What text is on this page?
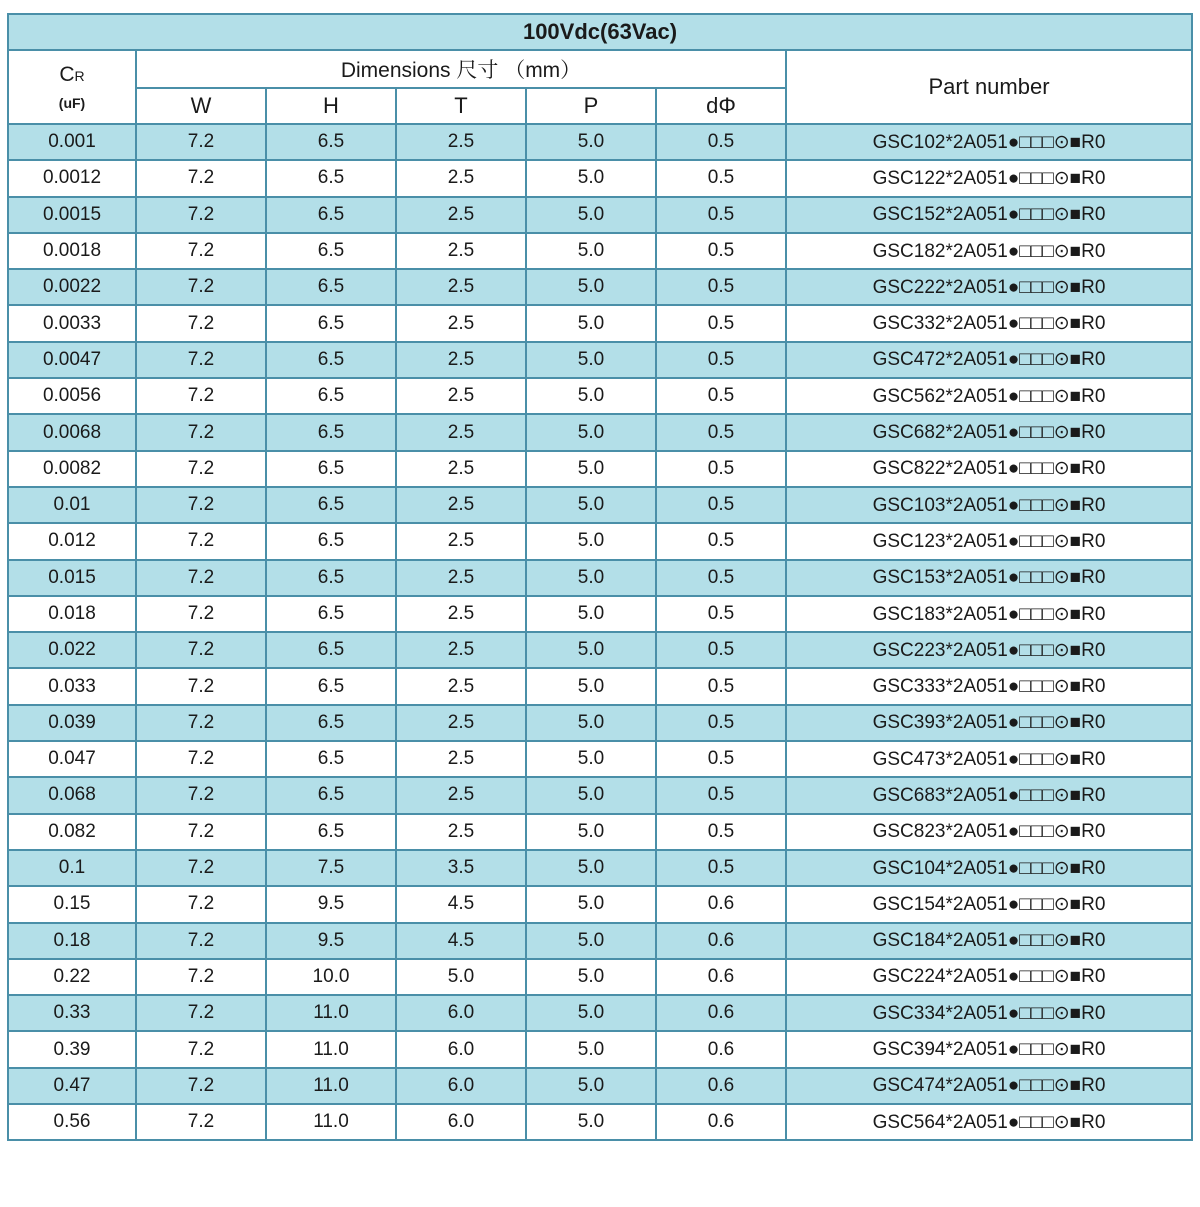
100Vdc(63Vac)						

CR
(uF)	Dimensions 尺寸 （mm）					Part number
	W	H	T	P	dΦ	
0.001	7.2	6.5	2.5	5.0	0.5	GSC102*2A051●□□□⊙■R0
0.0012	7.2	6.5	2.5	5.0	0.5	GSC122*2A051●□□□⊙■R0
0.0015	7.2	6.5	2.5	5.0	0.5	GSC152*2A051●□□□⊙■R0
0.0018	7.2	6.5	2.5	5.0	0.5	GSC182*2A051●□□□⊙■R0
0.0022	7.2	6.5	2.5	5.0	0.5	GSC222*2A051●□□□⊙■R0
0.0033	7.2	6.5	2.5	5.0	0.5	GSC332*2A051●□□□⊙■R0
0.0047	7.2	6.5	2.5	5.0	0.5	GSC472*2A051●□□□⊙■R0
0.0056	7.2	6.5	2.5	5.0	0.5	GSC562*2A051●□□□⊙■R0
0.0068	7.2	6.5	2.5	5.0	0.5	GSC682*2A051●□□□⊙■R0
0.0082	7.2	6.5	2.5	5.0	0.5	GSC822*2A051●□□□⊙■R0
0.01	7.2	6.5	2.5	5.0	0.5	GSC103*2A051●□□□⊙■R0
0.012	7.2	6.5	2.5	5.0	0.5	GSC123*2A051●□□□⊙■R0
0.015	7.2	6.5	2.5	5.0	0.5	GSC153*2A051●□□□⊙■R0
0.018	7.2	6.5	2.5	5.0	0.5	GSC183*2A051●□□□⊙■R0
0.022	7.2	6.5	2.5	5.0	0.5	GSC223*2A051●□□□⊙■R0
0.033	7.2	6.5	2.5	5.0	0.5	GSC333*2A051●□□□⊙■R0
0.039	7.2	6.5	2.5	5.0	0.5	GSC393*2A051●□□□⊙■R0
0.047	7.2	6.5	2.5	5.0	0.5	GSC473*2A051●□□□⊙■R0
0.068	7.2	6.5	2.5	5.0	0.5	GSC683*2A051●□□□⊙■R0
0.082	7.2	6.5	2.5	5.0	0.5	GSC823*2A051●□□□⊙■R0
0.1	7.2	7.5	3.5	5.0	0.5	GSC104*2A051●□□□⊙■R0
0.15	7.2	9.5	4.5	5.0	0.6	GSC154*2A051●□□□⊙■R0
0.18	7.2	9.5	4.5	5.0	0.6	GSC184*2A051●□□□⊙■R0
0.22	7.2	10.0	5.0	5.0	0.6	GSC224*2A051●□□□⊙■R0
0.33	7.2	11.0	6.0	5.0	0.6	GSC334*2A051●□□□⊙■R0
0.39	7.2	11.0	6.0	5.0	0.6	GSC394*2A051●□□□⊙■R0
0.47	7.2	11.0	6.0	5.0	0.6	GSC474*2A051●□□□⊙■R0
0.56	7.2	11.0	6.0	5.0	0.6	GSC564*2A051●□□□⊙■R0
